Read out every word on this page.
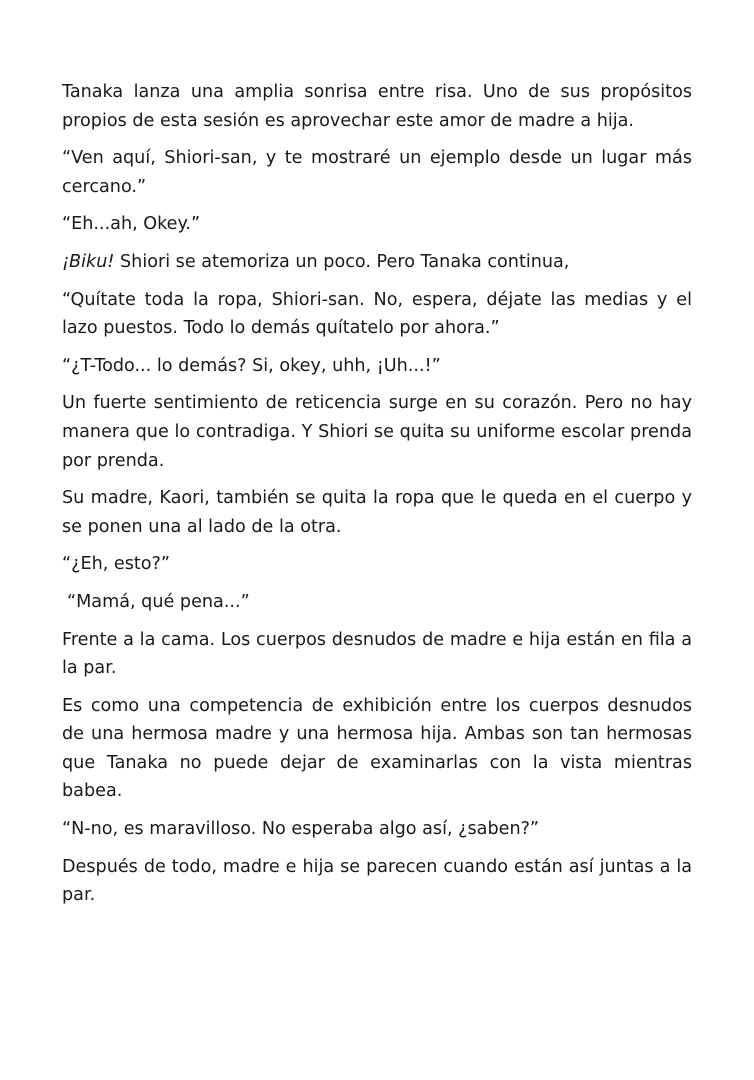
Tanaka lanza una amplia sonrisa entre risa. Uno de sus propósitos propios de esta sesión es aprovechar este amor de madre a hija.

“Ven aquí, Shiori-san, y te mostraré un ejemplo desde un lugar más cercano.”

“Eh...ah, Okey.”

¡Biku! Shiori se atemoriza un poco. Pero Tanaka continua,

“Quítate toda la ropa, Shiori-san. No, espera, déjate las medias y el lazo puestos. Todo lo demás quítatelo por ahora.”

“¿T-Todo... lo demás? Si, okey, uhh, ¡Uh...!”

Un fuerte sentimiento de reticencia surge en su corazón. Pero no hay manera que lo contradiga. Y Shiori se quita su uniforme escolar prenda por prenda.

Su madre, Kaori, también se quita la ropa que le queda en el cuerpo y se ponen una al lado de la otra.

“¿Eh, esto?”

“Mamá, qué pena...”

Frente a la cama. Los cuerpos desnudos de madre e hija están en fila a la par.

Es como una competencia de exhibición entre los cuerpos desnudos de una hermosa madre y una hermosa hija. Ambas son tan hermosas que Tanaka no puede dejar de examinarlas con la vista mientras babea.

“N-no, es maravilloso. No esperaba algo así, ¿saben?”

Después de todo, madre e hija se parecen cuando están así juntas a la par.
